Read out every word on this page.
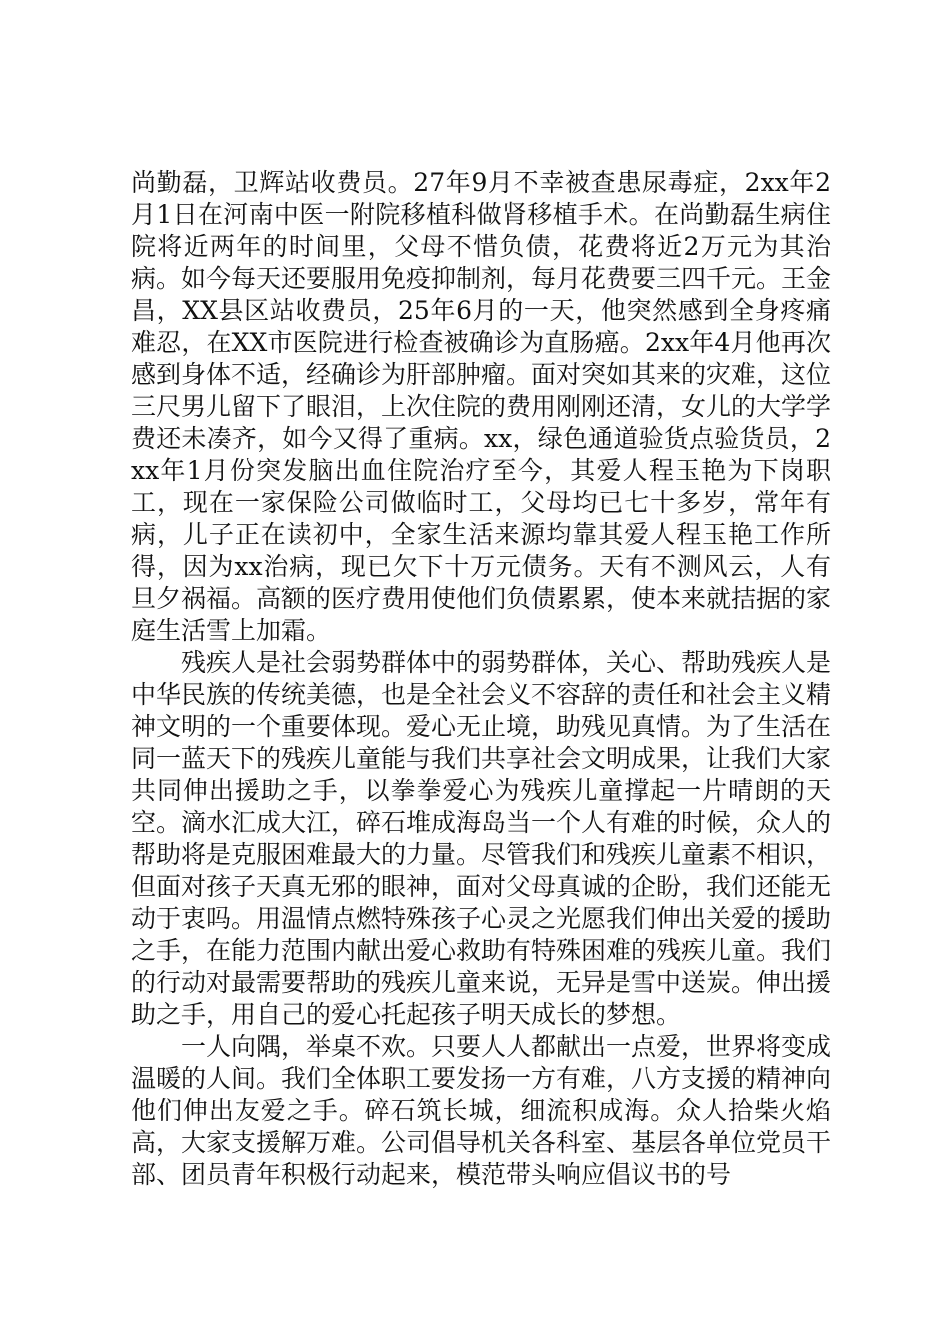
尚勤磊，卫辉站收费员。27年9月不幸被查患尿毒症，2xx年2月1日在河南中医一附院移植科做肾移植手术。在尚勤磊生病住院将近两年的时间里，父母不惜负债，花费将近2万元为其治病。如今每天还要服用免疫抑制剂，每月花费要三四千元。王金昌，XX县区站收费员，25年6月的一天，他突然感到全身疼痛难忍，在XX市医院进行检查被确诊为直肠癌。2xx年4月他再次感到身体不适，经确诊为肝部肿瘤。面对突如其来的灾难，这位三尺男儿留下了眼泪，上次住院的费用刚刚还清，女儿的大学学费还未凑齐，如今又得了重病。xx，绿色通道验货点验货员，2xx年1月份突发脑出血住院治疗至今，其爱人程玉艳为下岗职工，现在一家保险公司做临时工，父母均已七十多岁，常年有病，儿子正在读初中，全家生活来源均靠其爱人程玉艳工作所得，因为xx治病，现已欠下十万元债务。天有不测风云，人有旦夕祸福。高额的医疗费用使他们负债累累，使本来就拮据的家庭生活雪上加霜。

残疾人是社会弱势群体中的弱势群体，关心、帮助残疾人是中华民族的传统美德，也是全社会义不容辞的责任和社会主义精神文明的一个重要体现。爱心无止境，助残见真情。为了生活在同一蓝天下的残疾儿童能与我们共享社会文明成果，让我们大家共同伸出援助之手，以拳拳爱心为残疾儿童撑起一片晴朗的天空。滴水汇成大江，碎石堆成海岛当一个人有难的时候，众人的帮助将是克服困难最大的力量。尽管我们和残疾儿童素不相识，但面对孩子天真无邪的眼神，面对父母真诚的企盼，我们还能无动于衷吗。用温情点燃特殊孩子心灵之光愿我们伸出关爱的援助之手，在能力范围内献出爱心救助有特殊困难的残疾儿童。我们的行动对最需要帮助的残疾儿童来说，无异是雪中送炭。伸出援助之手，用自己的爱心托起孩子明天成长的梦想。

一人向隅，举桌不欢。只要人人都献出一点爱，世界将变成温暖的人间。我们全体职工要发扬一方有难，八方支援的精神向他们伸出友爱之手。碎石筑长城，细流积成海。众人拾柴火焰高，大家支援解万难。公司倡导机关各科室、基层各单位党员干部、团员青年积极行动起来，模范带头响应倡议书的号
